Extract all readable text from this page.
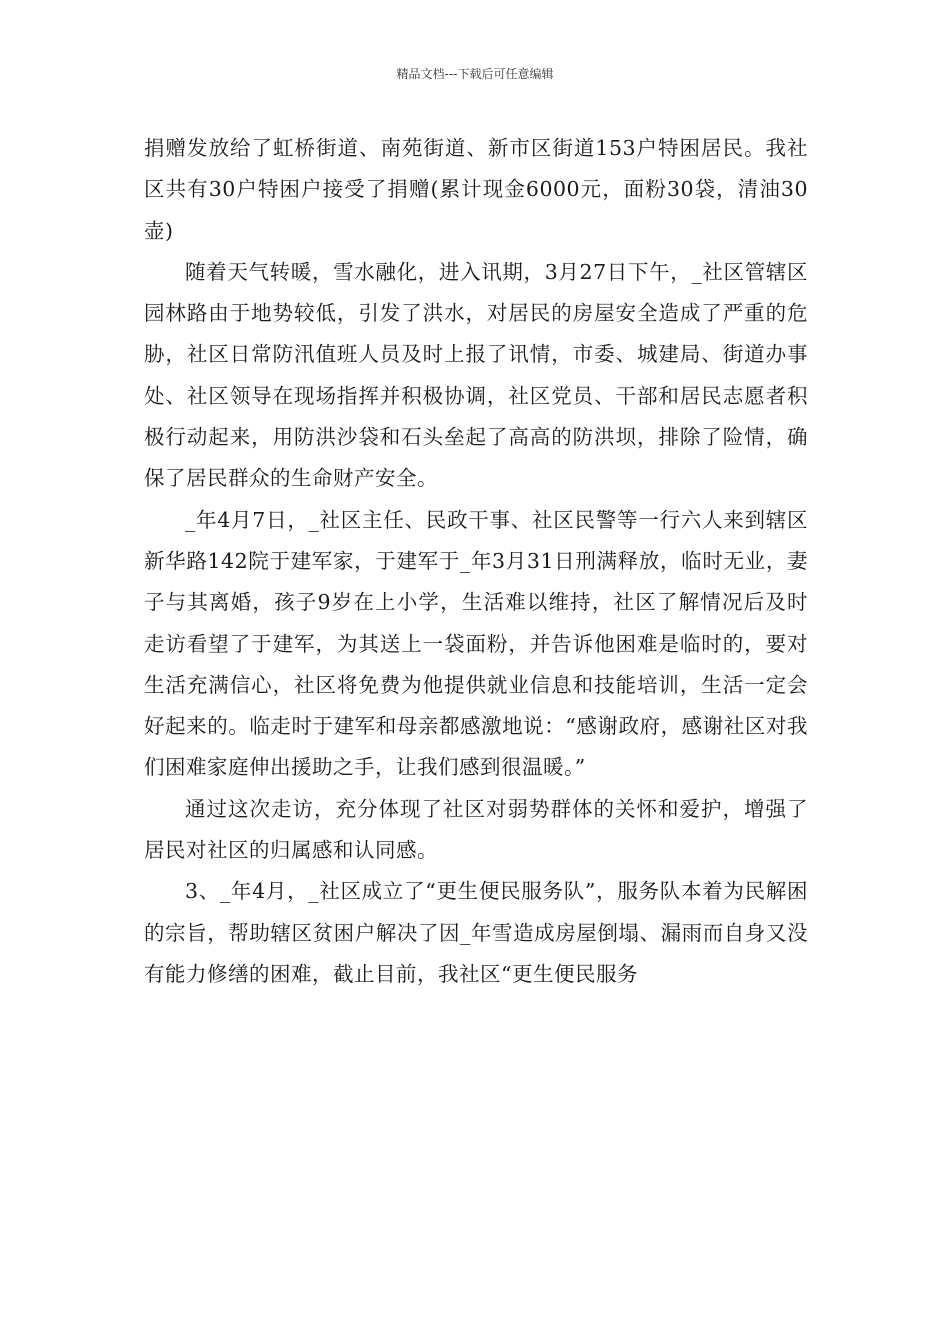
精品文档---下载后可任意编辑

捐赠发放给了虹桥街道、南苑街道、新市区街道153户特困居民。我社区共有30户特困户接受了捐赠(累计现金6000元，面粉30袋，清油30壶)

随着天气转暖，雪水融化，进入讯期，3月27日下午，_社区管辖区园林路由于地势较低，引发了洪水，对居民的房屋安全造成了严重的危胁，社区日常防汛值班人员及时上报了讯情，市委、城建局、街道办事处、社区领导在现场指挥并积极协调，社区党员、干部和居民志愿者积极行动起来，用防洪沙袋和石头垒起了高高的防洪坝，排除了险情，确保了居民群众的生命财产安全。

_年4月7日，_社区主任、民政干事、社区民警等一行六人来到辖区新华路142院于建军家，于建军于_年3月31日刑满释放，临时无业，妻子与其离婚，孩子9岁在上小学，生活难以维持，社区了解情况后及时走访看望了于建军，为其送上一袋面粉，并告诉他困难是临时的，要对生活充满信心，社区将免费为他提供就业信息和技能培训，生活一定会好起来的。临走时于建军和母亲都感激地说：“感谢政府，感谢社区对我们困难家庭伸出援助之手，让我们感到很温暖。”

通过这次走访，充分体现了社区对弱势群体的关怀和爱护，增强了居民对社区的归属感和认同感。

3、_年4月，_社区成立了“更生便民服务队”，服务队本着为民解困的宗旨，帮助辖区贫困户解决了因_年雪造成房屋倒塌、漏雨而自身又没有能力修缮的困难，截止目前，我社区“更生便民服务
